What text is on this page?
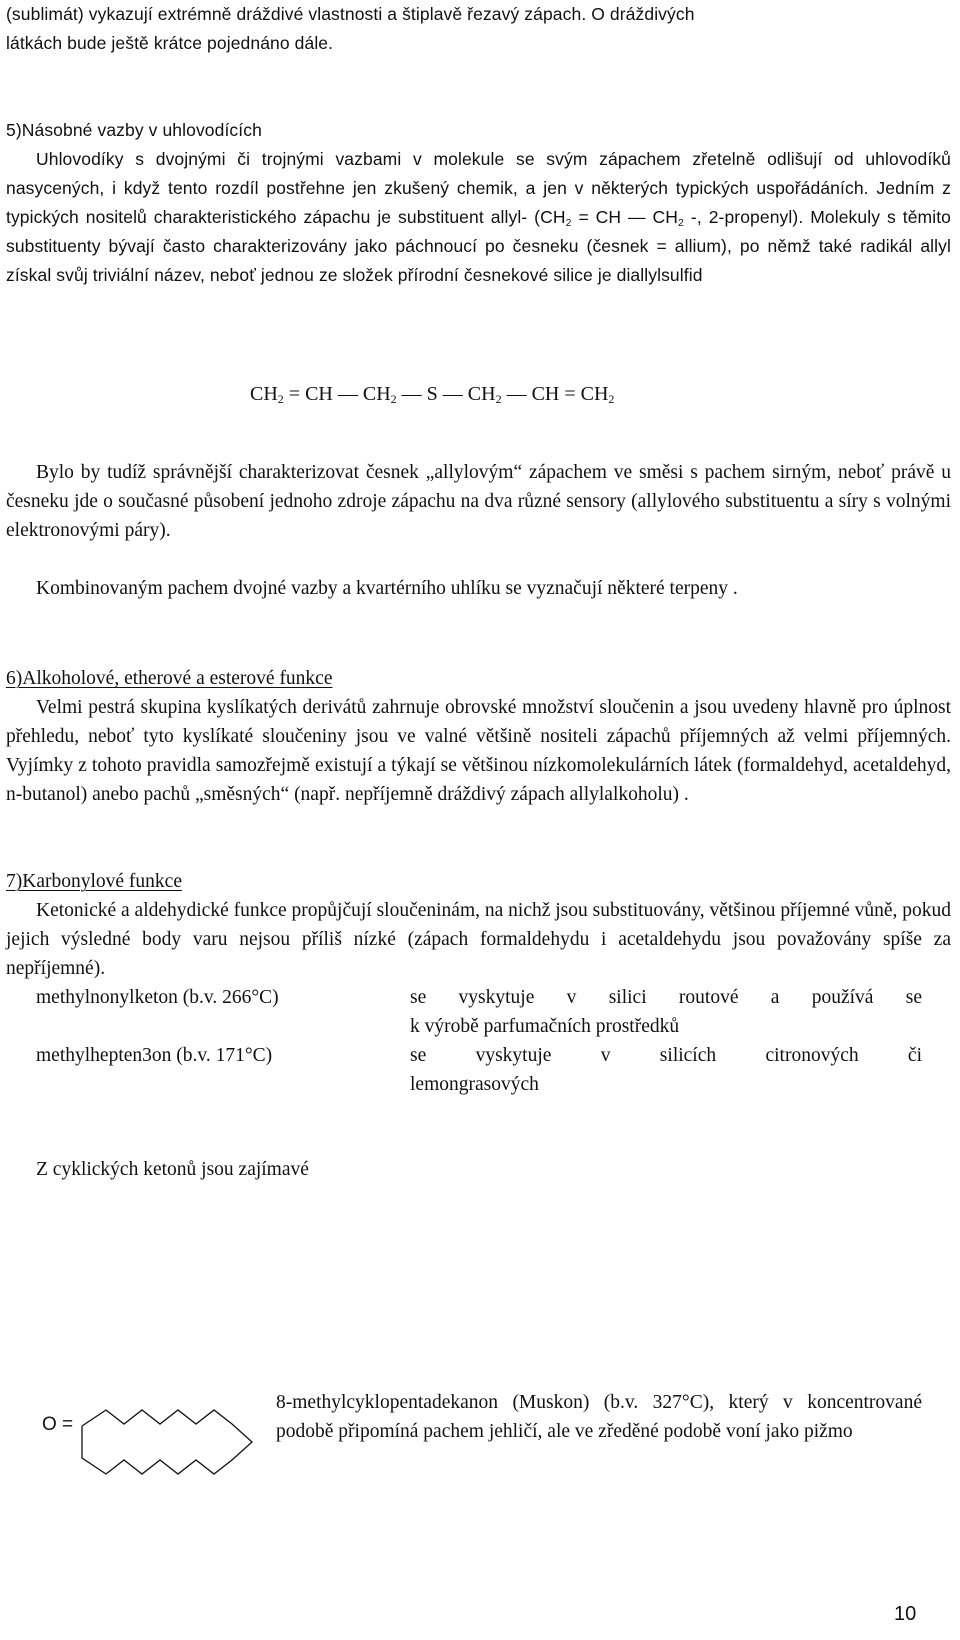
(sublimát) vykazují extrémně dráždivé vlastnosti a štiplavě řezavý zápach. O dráždivých
látkách bude ještě krátce pojednáno dále.
5)Násobné vazby v uhlovodících
Uhlovodíky s dvojnými či trojnými vazbami v molekule se svým zápachem zřetelně odlišují od uhlovodíků nasycených, i když tento rozdíl postřehne jen zkušený chemik, a jen v některých typických uspořádáních. Jedním z typických nositelů charakteristického zápachu je substituent allyl- ($CH_2$ = CH — $CH_2$ -, 2-propenyl). Molekuly s těmito substituenty bývají často charakterizovány jako páchnoucí po česneku (česnek = allium), po němž také radikál allyl získal svůj triviální název, neboť jednou ze složek přírodní česnekové silice je diallylsulfid
$CH_2$ = CH — $CH_2$ — S — $CH_2$ — CH = $CH_2$
Bylo by tudíž správnější charakterizovat česnek „allylovým“ zápachem ve směsi s pachem sirným, neboť právě u česneku jde o současné působení jednoho zdroje zápachu na dva různé sensory (allylového substituentu a síry s volnými elektronovými páry).
Kombinovaným pachem dvojné vazby a kvartérního uhlíku se vyznačují některé terpeny .
6)Alkoholové, etherové a esterové funkce
Velmi pestrá skupina kyslíkatých derivátů zahrnuje obrovské množství sloučenin a jsou uvedeny hlavně pro úplnost přehledu, neboť tyto kyslíkaté sloučeniny jsou ve valné většině nositeli zápachů příjemných až velmi příjemných. Vyjímky z tohoto pravidla samozřejmě existují a týkají se většinou nízkomolekulárních látek (formaldehyd, acetaldehyd, n-butanol) anebo pachů „směsných“ (např. nepříjemně dráždivý zápach allylalkoholu) .
7)Karbonylové funkce
Ketonické a aldehydické funkce propůjčují sloučeninám, na nichž jsou substituovány, většinou příjemné vůně, pokud jejich výsledné body varu nejsou příliš nízké (zápach formaldehydu i acetaldehydu jsou považovány spíše za nepříjemné).
methylnonylketon (b.v. 266°C)	se vyskytuje v silici routové a používá se
k výrobě parfumačních prostředků
methylhepten3on (b.v. 171°C)	se vyskytuje v silicích citronových či
lemongrasových
Z cyklických ketonů jsou zajímavé
O =
8-methylcyklopentadekanon (Muskon) (b.v. 327°C), který v koncentrované podobě připomíná pachem jehličí, ale ve zředěné podobě voní jako pižmo
10
